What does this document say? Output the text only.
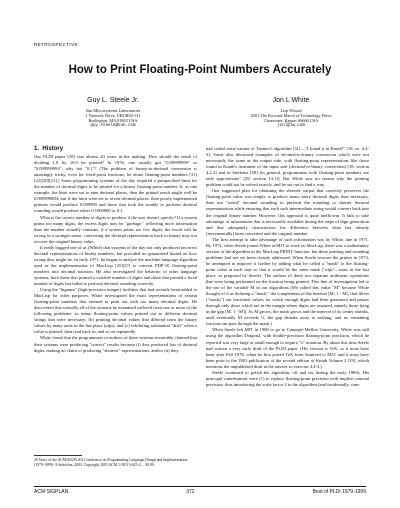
RETROSPECTIVE:
How to Print Floating-Point Numbers Accurately
Guy L. Steele Jr.
Sun Microsystems Laboratories
1 Network Drive, UBUR02-311
Burlington, MA 01803 USA
guy.steele@sun.com
Jon L White
Lisp Wizard
2001 The Forward March of Technology Drive
Clearwater, Kansas 66666 USA
jonl@lw.com
1. History

Our PLDI paper [28] was almost 20 years in the making. How should the result of dividing 1.0 by 10.0 be printed? In 1976, one usually got "0.09999999" or "0.099999994"; why not "0.1"? (The problem of binary-to-decimal conversion is amazingly tricky, even for fixed-point fractions, let alone floating-point numbers [31][22][20][21].) Some programming systems of the day required a prespecified limit for the number of decimal digits to be printed for a binary floating-point number. If, as one example, the limit were set to nine decimal places, then the printed result might well be 0.099999984; but if the limit were set to seven decimal places, then poorly implemented printers would produce 0.099999 and those that took the trouble to perform decimal rounding would produce either 0.1000000 or 0.1.

What is the correct number of digits to produce if the user doesn't specify? If a system prints too many digits, the excess digits may be "garbage," reflecting more information than the number actually contains; if a system prints too few digits, the result will be wrong in a stronger sense: converting the decimal representation back to binary may not recover the original binary value.

It really bugged one of us (White) that systems of the day not only produced incorrect decimal representations of binary numbers, but provided no guaranteed bound on how wrong they might be. In early 1971, he began to analyze the machine-language algorithm used in the implementation of MacLisp [25][27] to convert PDP-10 floating-point numbers into decimal notation. He also investigated the behavior of other language systems, both those that printed a variable number of digits and those that printed a fixed number of digits but failed to perform decimal rounding correctly.

Using the "bignum" (high-precision integer) facilities that had recently been added to MacLisp for other purposes, White investigated the exact representations of certain floating-point numbers that seemed to print out with too many decimal digits. He discovered that virtually all of the systems he examined suffered from one or more of the following problems: so many floating-point values printed out as different decimal strings that were necessary; (b) printing decimal values that differed from the binary values by many units in the last place (ulps); and (c) exhibiting substantial "drift" when a value is printed, then read back in, and so on repeatedly.

White found that the programmers or authors of these systems invariably claimed that their systems were producing "correct" results because (i) they produced lots of decimal digits, making no claim of producing "shortest" representations, and/or (ii) they

had coded some variant of Taranto's algorithm [31]—"I found it in Knuth!" [18, ex. 4.4-3]. Some also discussed examples of decimal-to-binary conversion which were not necessarily the same as the output side, with floating-point representations like those found in Knuth's treatment of the input side (decimal-to-binary conversion) [18, section 4.2.2] and in Sterbenz [29] (in general, programmers with floating-point numbers are only approximate" [29, section 13.1]). But White saw no reason why the printing problem could not be solved exactly, and he set out to find a way.

One suggested plan for obtaining the shortest output that correctly preserves the floating-point value was simply to produce many more decimal digits than necessary, then use "weird" decimal rounding to perform the rounding to shorter decimal representations while ensuring that each such intermediate string would convert back into the original binary number. However, this approach is quite inefficient. It fails to take advantage of information that is necessarily available during the steps of digit generation and that adequately characterizes the difference between what has already (incrementally) been converted and the original number.

The first attempt to take advantage of such information was by White, late in 1971. By 1972, when Steele joined White at MIT to work on MacLisp, there was a rudimentary version of the algorithm in the MacLisp PRINT function, but these printing and rounding problems had not yet been cleanly addressed. When Steele rewrote the printer in 1973, he attempted to improve it further by adding what he called a "mask" to the floating-point value at each step so that it would be the same mask ("ulps"—units in the last place, as proposed by Steele). The authors of these two separate arithmetic operations that were being performed on the fraction being printed. This line of investigation led to the use of the variable M in our algorithms (We called this value "M" because White thought of it as defining a "mask," the complement of the interval [M, 1 - M], that filters ("masks") out fractional values for which enough digits had been generated and passes through only those which are in the margin where digits are required, namely those lying in the gap [M, 1 - M]). As M grows, the mask grows and the interval of its center shrinks, until eventually M exceeds ½, the gap shrinks away to nothing, and no remaining fraction can pass through the mask.)

When Steele left MIT in 1980 to go to Carnegie-Mellon University, White was still using the algorithm Dragon2, with double-precision floating-point precision, which he reported was very large or small enough to require "x" notation. By about this time Steele had written a very early draft of the PLDI paper. (His version is TeX, so it must have been after Fall 1978, when he first ported TeX from Stanford to MIT, and it must have been prior to the 1981 publication of the second edition of Knuth Volume 2 [19], which mentions the unpublished draft in the answer to exercise 4.4-3.)

Steele continued to polish the algorithm, off and on, during the early 1980s. His principal contributions were (1) to replace floating-point precision with implicit rational precision, thus introducing the scale factor 2 to the algorithm (and incidentally, com-

20 Years of the ACM/SIGPLAN Conference on Programming Language Design and Implementation (1979-1999): A Selection, 2003. Copyright 2003 ACM 1-58113-623-4 ... $5.00.
ACM SIGPLAN	372	Best of PLDI 1979-1999
